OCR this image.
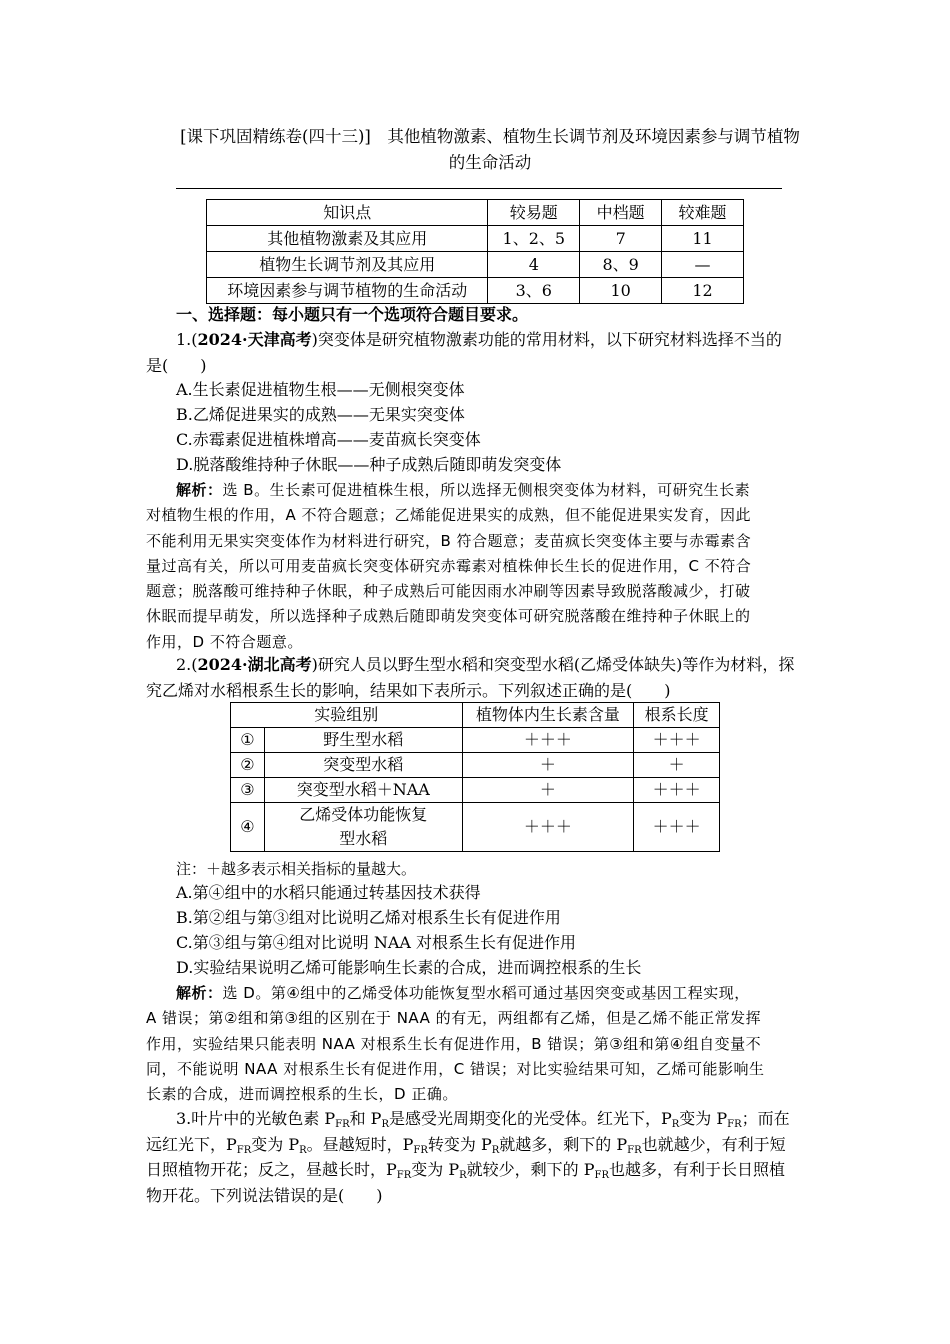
[课下巩固精练卷(四十三)]　其他植物激素、植物生长调节剂及环境因素参与调节植物
的生命活动
知识点	较易题	中档题	较难题
其他植物激素及其应用	1、2、5	7	11
植物生长调节剂及其应用	4	8、9	—
环境因素参与调节植物的生命活动	3、6	10	12
一、选择题：每小题只有一个选项符合题目要求。
1.(2024·天津高考)突变体是研究植物激素功能的常用材料，以下研究材料选择不当的
是(　　)
A.生长素促进植物生根——无侧根突变体
B.乙烯促进果实的成熟——无果实突变体
C.赤霉素促进植株增高——麦苗疯长突变体
D.脱落酸维持种子休眠——种子成熟后随即萌发突变体
解析：选 B。生长素可促进植株生根，所以选择无侧根突变体为材料，可研究生长素
对植物生根的作用，A 不符合题意；乙烯能促进果实的成熟，但不能促进果实发育，因此
不能利用无果实突变体作为材料进行研究，B 符合题意；麦苗疯长突变体主要与赤霉素含
量过高有关，所以可用麦苗疯长突变体研究赤霉素对植株伸长生长的促进作用，C 不符合
题意；脱落酸可维持种子休眠，种子成熟后可能因雨水冲刷等因素导致脱落酸减少，打破
休眠而提早萌发，所以选择种子成熟后随即萌发突变体可研究脱落酸在维持种子休眠上的
作用，D 不符合题意。
2.(2024·湖北高考)研究人员以野生型水稻和突变型水稻(乙烯受体缺失)等作为材料，探
究乙烯对水稻根系生长的影响，结果如下表所示。下列叙述正确的是(　　)
实验组别		植物体内生长素含量	根系长度
①	野生型水稻	＋＋＋	＋＋＋
②	突变型水稻	＋	＋
③	突变型水稻＋NAA	＋	＋＋＋
④	乙烯受体功能恢复型水稻	＋＋＋	＋＋＋
注：＋越多表示相关指标的量越大。
A.第④组中的水稻只能通过转基因技术获得
B.第②组与第③组对比说明乙烯对根系生长有促进作用
C.第③组与第④组对比说明 NAA 对根系生长有促进作用
D.实验结果说明乙烯可能影响生长素的合成，进而调控根系的生长
解析：选 D。第④组中的乙烯受体功能恢复型水稻可通过基因突变或基因工程实现，
A 错误；第②组和第③组的区别在于 NAA 的有无，两组都有乙烯，但是乙烯不能正常发挥
作用，实验结果只能表明 NAA 对根系生长有促进作用，B 错误；第③组和第④组自变量不
同，不能说明 NAA 对根系生长有促进作用，C 错误；对比实验结果可知，乙烯可能影响生
长素的合成，进而调控根系的生长，D 正确。
3.叶片中的光敏色素 $P_{FR}$和 $P_R$是感受光周期变化的光受体。红光下，$P_R$变为 $P_{FR}$；而在
远红光下，$P_{FR}$变为 $P_R$。昼越短时，$P_{FR}$转变为 $P_R$就越多，剩下的 $P_{FR}$也就越少，有利于短
日照植物开花；反之，昼越长时，$P_{FR}$变为 $P_R$就较少，剩下的 $P_{FR}$也越多，有利于长日照植
物开花。下列说法错误的是(　　)
